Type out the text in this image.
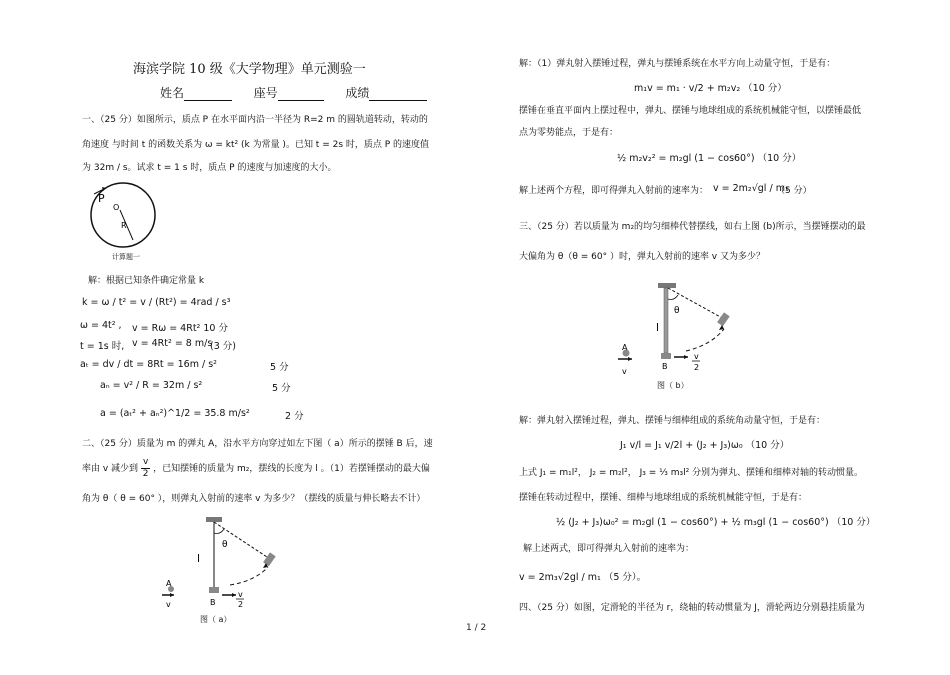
海滨学院 10 级《大学物理》单元测验一
姓名	座号	成绩
一、（25 分）如图所示，质点 P 在水平面内沿一半径为 R=2 m 的圆轨道转动，转动的
角速度 与时间 t 的函数关系为 ω = kt² (k 为常量 )。已知 t = 2s 时，质点 P 的速度值
为 32m / s。试求 t = 1 s 时，质点 P 的速度与加速度的大小。
P
O
R
计算题一
解：根据已知条件确定常量 k
k = ω / t² = v / (Rt²) = 4rad / s³
ω = 4t² , v = Rω = 4Rt² 10 分
t = 1s 时, v = 4Rt² = 8 m/s
(3 分)
aₜ = dv / dt = 8Rt = 16m / s²	5 分
aₙ = v² / R = 32m / s²	5 分
a = (aₜ² + aₙ²)^1/2 = 35.8 m/s²	2 分
二、（25 分）质量为 m 的弹丸 A，沿水平方向穿过如左下图（ a）所示的摆锤 B 后，速
率由 v 减少到 $\frac{v}{2}$ ，已知摆锤的质量为 m₂，摆线的长度为 l 。（1）若摆锤摆动的最大偏
角为 θ（ θ = 60° ），则弹丸入射前的速率 v 为多少？（摆线的质量与伸长略去不计）
l
θ
A
B
v
v
2
图（ a）
解：（1）弹丸射入摆锤过程，弹丸与摆锤系统在水平方向上动量守恒，于是有：
m₁v = m₁ · v/2 + m₂v₂ （10 分）
摆锤在垂直平面内上摆过程中，弹丸、摆锤与地球组成的系统机械能守恒，以摆锤最低
点为零势能点，于是有：
½ m₂v₂² = m₂gl (1 − cos60°) （10 分）
解上述两个方程，即可得弹丸入射前的速率为： v = 2m₂√gl / m₁
（5 分）
三、（25 分）若以质量为 m₂的均匀细棒代替摆线，如右上图 (b)所示，当摆锤摆动的最
大偏角为 θ（θ = 60° ）时，弹丸入射前的速率 v 又为多少？
l
θ
A
B
v
v
2
图（ b）
解：弹丸射入摆锤过程，弹丸、摆锤与细棒组成的系统角动量守恒，于是有：
J₁ v/l = J₁ v/2l + (J₂ + J₃)ω₀ （10 分）
上式 J₁ = m₁l²， J₂ = m₂l²， J₃ = ⅓ m₃l² 分别为弹丸、摆锤和细棒对轴的转动惯量。
摆锤在转动过程中，摆锤、细棒与地球组成的系统机械能守恒，于是有：
½ (J₂ + J₃)ω₀² = m₂gl (1 − cos60°) + ½ m₃gl (1 − cos60°) （10 分）
解上述两式，即可得弹丸入射前的速率为：
v = 2m₃√2gl / m₁ （5 分）。
四、（25 分）如图，定滑轮的半径为 r，绕轴的转动惯量为 J，滑轮两边分别悬挂质量为
1 / 2
